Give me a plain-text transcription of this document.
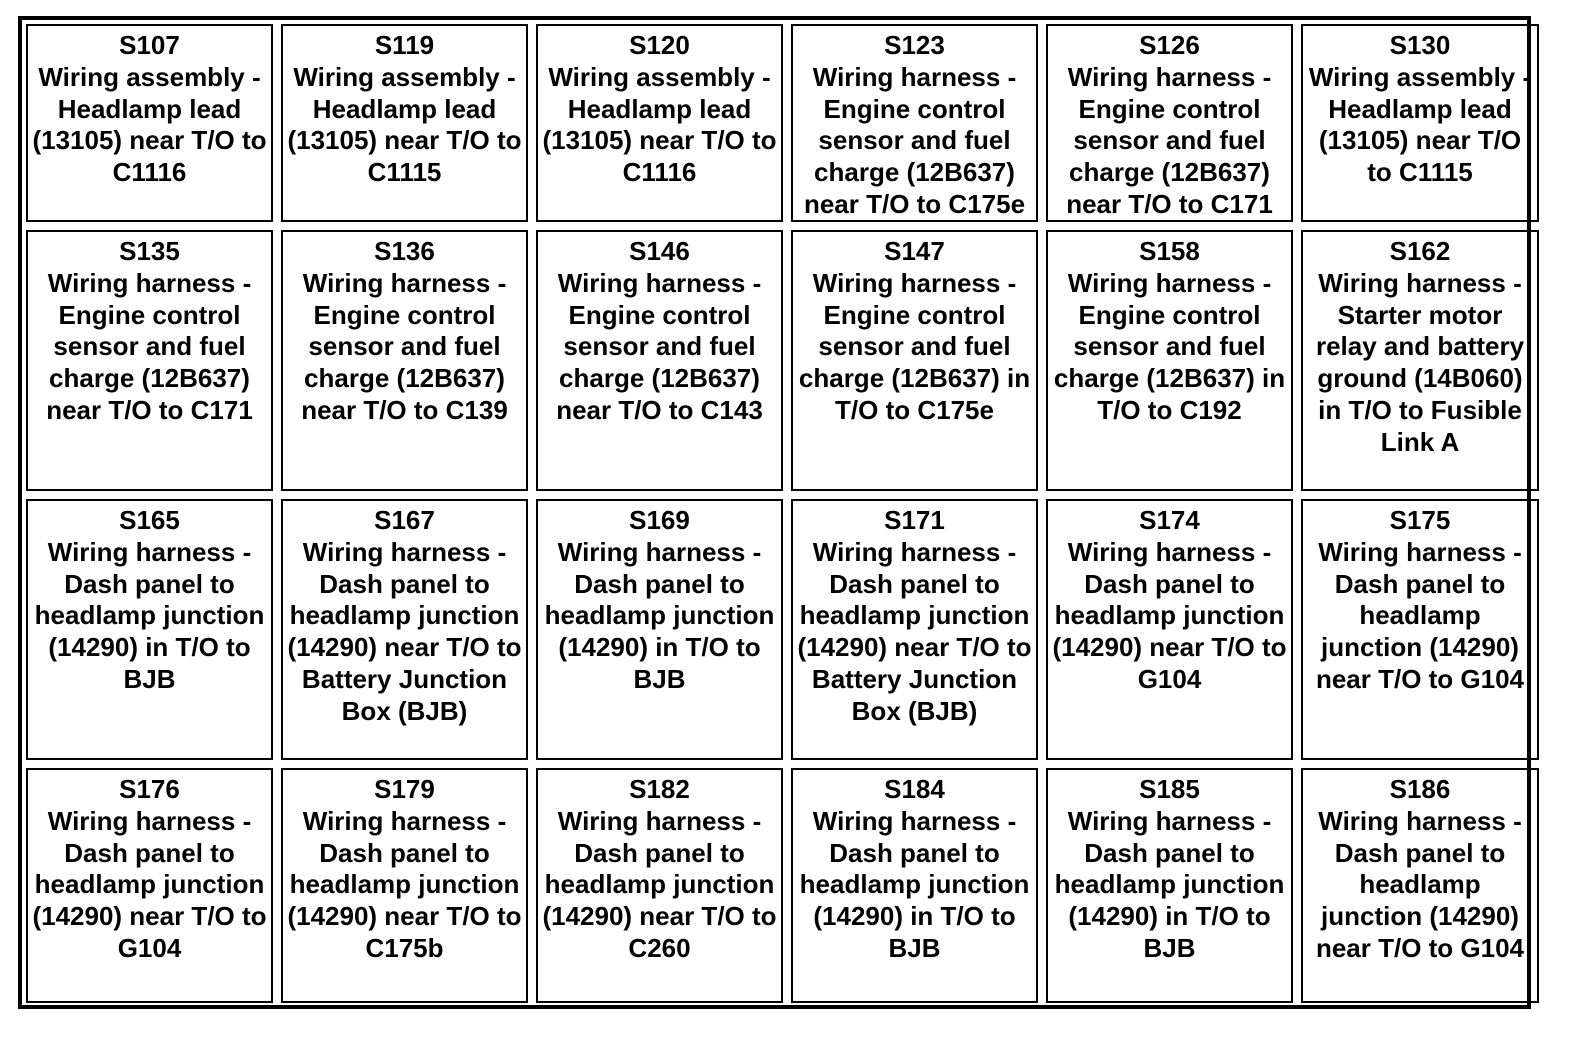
S107
Wiring assembly - Headlamp lead (13105) near T/O to C1116
S119
Wiring assembly - Headlamp lead (13105) near T/O to C1115
S120
Wiring assembly - Headlamp lead (13105) near T/O to C1116
S123
Wiring harness - Engine control sensor and fuel charge (12B637) near T/O to C175e
S126
Wiring harness - Engine control sensor and fuel charge (12B637) near T/O to C171
S130
Wiring assembly - Headlamp lead (13105) near T/O to C1115
S135
Wiring harness - Engine control sensor and fuel charge (12B637) near T/O to C171
S136
Wiring harness - Engine control sensor and fuel charge (12B637) near T/O to C139
S146
Wiring harness - Engine control sensor and fuel charge (12B637) near T/O to C143
S147
Wiring harness - Engine control sensor and fuel charge (12B637) in T/O to C175e
S158
Wiring harness - Engine control sensor and fuel charge (12B637) in T/O to C192
S162
Wiring harness - Starter motor relay and battery ground (14B060) in T/O to Fusible Link A
S165
Wiring harness - Dash panel to headlamp junction (14290) in T/O to BJB
S167
Wiring harness - Dash panel to headlamp junction (14290) near T/O to Battery Junction Box (BJB)
S169
Wiring harness - Dash panel to headlamp junction (14290) in T/O to BJB
S171
Wiring harness - Dash panel to headlamp junction (14290) near T/O to Battery Junction Box (BJB)
S174
Wiring harness - Dash panel to headlamp junction (14290) near T/O to G104
S175
Wiring harness - Dash panel to headlamp junction (14290) near T/O to G104
S176
Wiring harness - Dash panel to headlamp junction (14290) near T/O to G104
S179
Wiring harness - Dash panel to headlamp junction (14290) near T/O to C175b
S182
Wiring harness - Dash panel to headlamp junction (14290) near T/O to C260
S184
Wiring harness - Dash panel to headlamp junction (14290) in T/O to BJB
S185
Wiring harness - Dash panel to headlamp junction (14290) in T/O to BJB
S186
Wiring harness - Dash panel to headlamp junction (14290) near T/O to G104
